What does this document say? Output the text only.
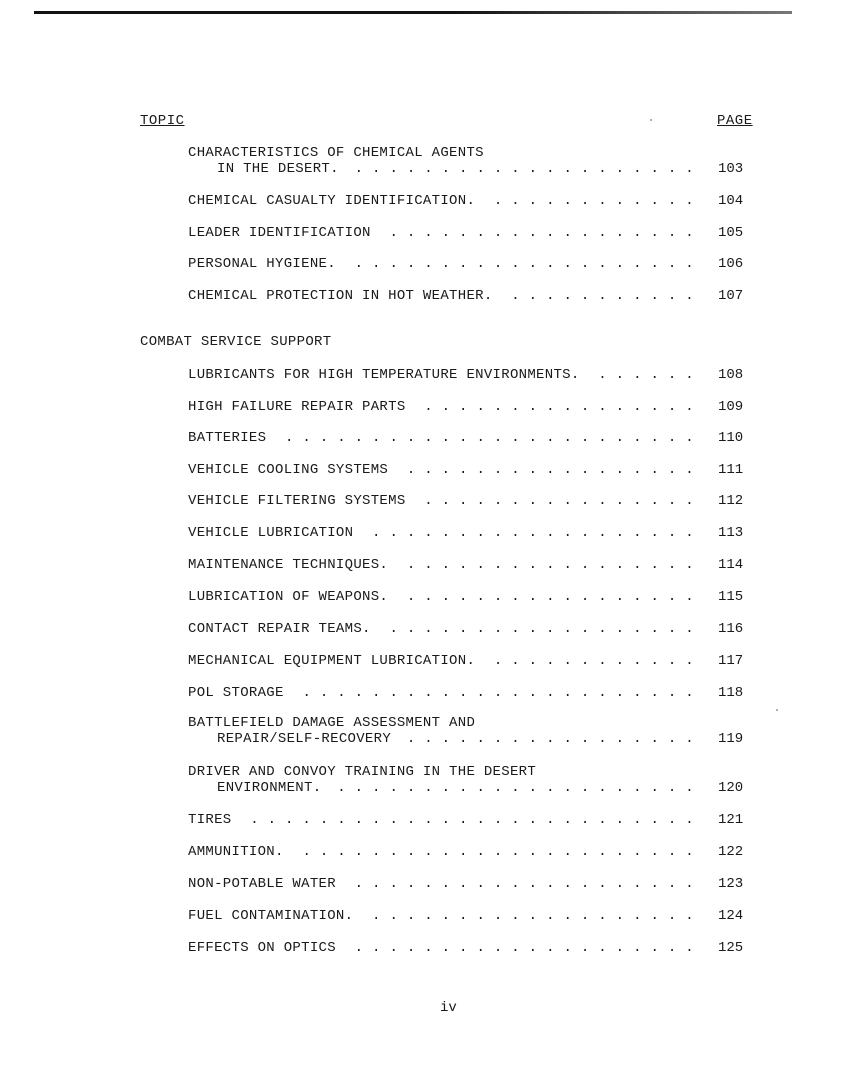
TOPIC	PAGE
CHARACTERISTICS OF CHEMICAL AGENTS
IN THE DESERT. . . . . . . . . . . . . . . . . . . . . 103
CHEMICAL CASUALTY IDENTIFICATION. . . . . . . . . . . . . 104
LEADER IDENTIFICATION . . . . . . . . . . . . . . . . . . 105
PERSONAL HYGIENE. . . . . . . . . . . . . . . . . . . . . 106
CHEMICAL PROTECTION IN HOT WEATHER. . . . . . . . . . . . 107
COMBAT SERVICE SUPPORT
LUBRICANTS FOR HIGH TEMPERATURE ENVIRONMENTS. . . . . . . 108
HIGH FAILURE REPAIR PARTS . . . . . . . . . . . . . . . . 109
BATTERIES . . . . . . . . . . . . . . . . . . . . . . . . 110
VEHICLE COOLING SYSTEMS . . . . . . . . . . . . . . . . . 111
VEHICLE FILTERING SYSTEMS . . . . . . . . . . . . . . . . 112
VEHICLE LUBRICATION . . . . . . . . . . . . . . . . . . . 113
MAINTENANCE TECHNIQUES. . . . . . . . . . . . . . . . . . 114
LUBRICATION OF WEAPONS. . . . . . . . . . . . . . . . . . 115
CONTACT REPAIR TEAMS. . . . . . . . . . . . . . . . . . . 116
MECHANICAL EQUIPMENT LUBRICATION. . . . . . . . . . . . . 117
POL STORAGE . . . . . . . . . . . . . . . . . . . . . . . 118
BATTLEFIELD DAMAGE ASSESSMENT AND
REPAIR/SELF-RECOVERY . . . . . . . . . . . . . . . . . 119
DRIVER AND CONVOY TRAINING IN THE DESERT
ENVIRONMENT. . . . . . . . . . . . . . . . . . . . . . 120
TIRES . . . . . . . . . . . . . . . . . . . . . . . . . . 121
AMMUNITION. . . . . . . . . . . . . . . . . . . . . . . . 122
NON-POTABLE WATER . . . . . . . . . . . . . . . . . . . . 123
FUEL CONTAMINATION. . . . . . . . . . . . . . . . . . . . 124
EFFECTS ON OPTICS . . . . . . . . . . . . . . . . . . . . 125
iv
